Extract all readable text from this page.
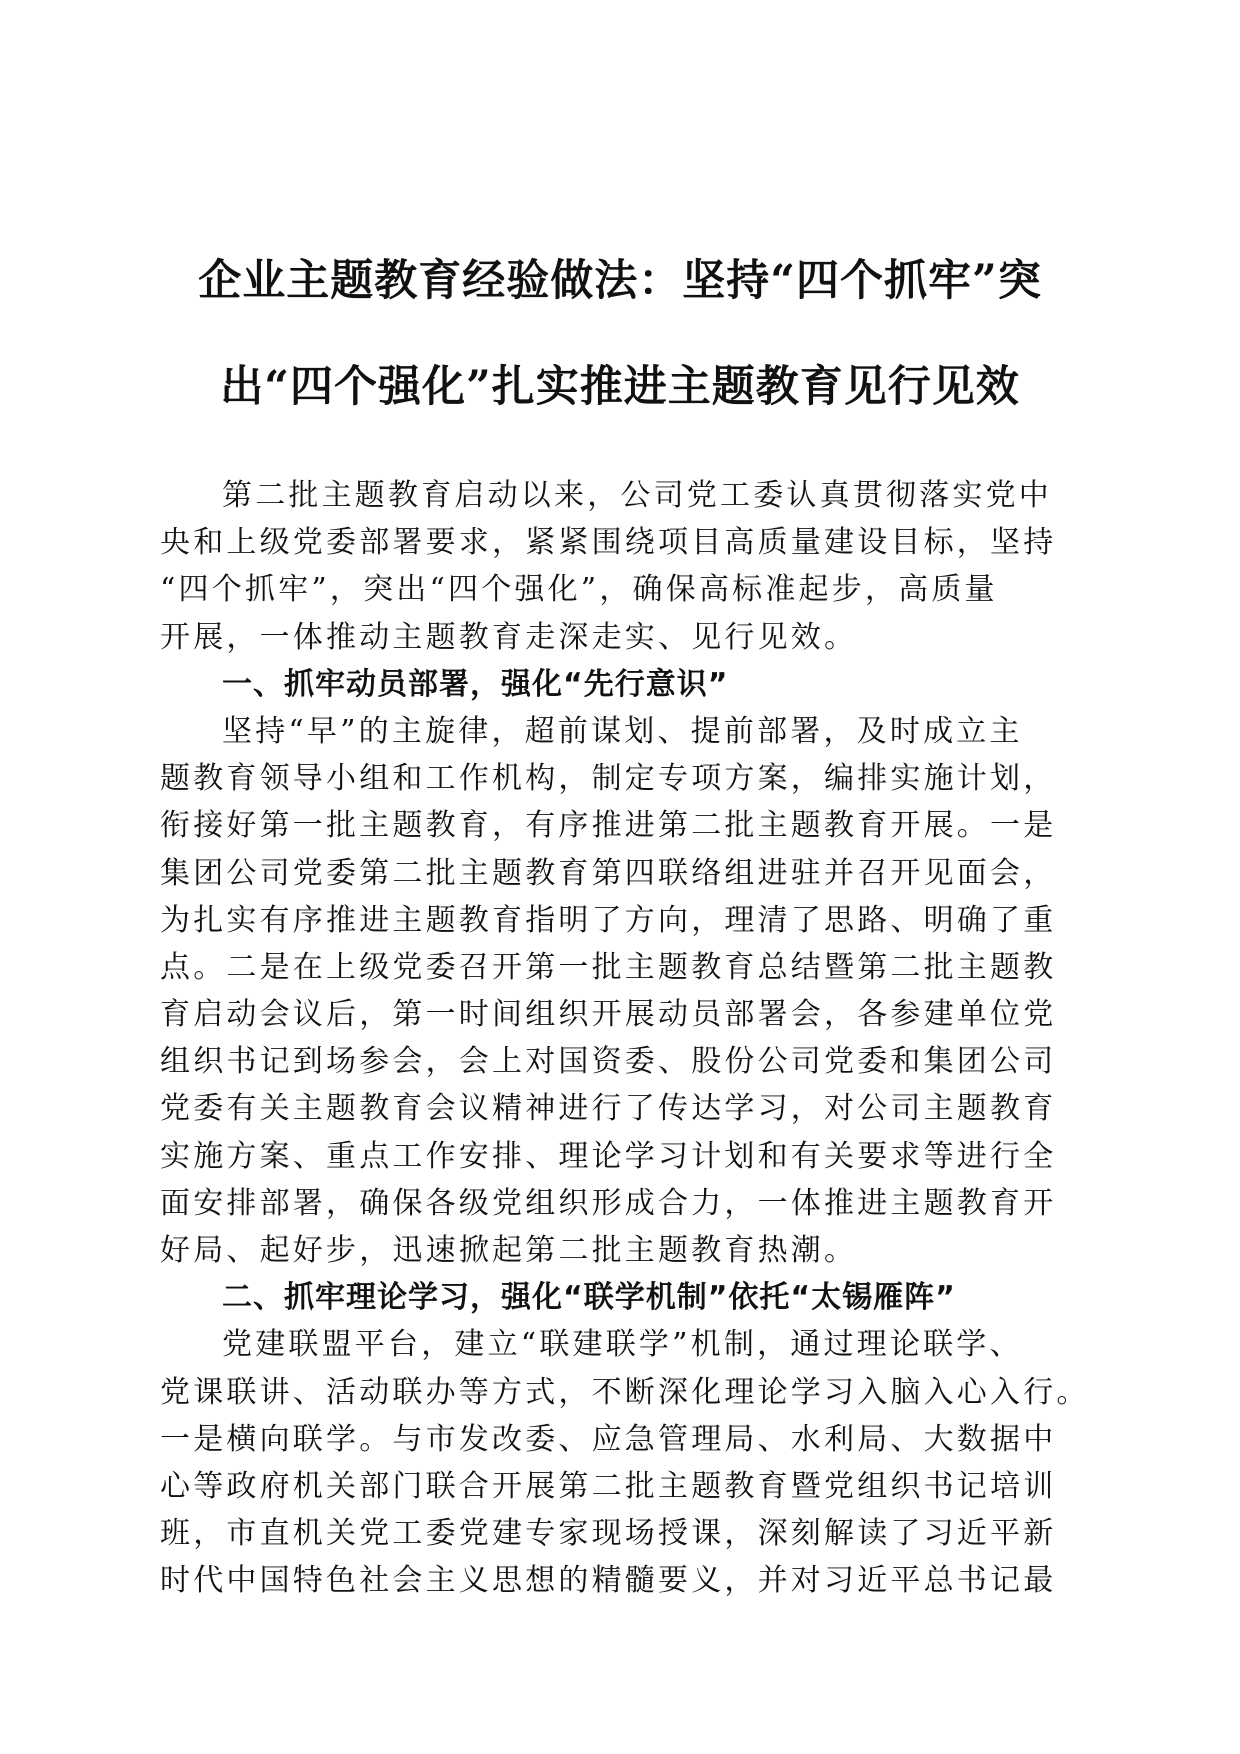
企业主题教育经验做法：坚持“四个抓牢”突
出“四个强化”扎实推进主题教育见行见效
第二批主题教育启动以来，公司党工委认真贯彻落实党中
央和上级党委部署要求，紧紧围绕项目高质量建设目标，坚持
“四个抓牢”，突出“四个强化”，确保高标准起步，高质量
开展，一体推动主题教育走深走实、见行见效。
一、抓牢动员部署，强化“先行意识”
坚持“早”的主旋律，超前谋划、提前部署，及时成立主
题教育领导小组和工作机构，制定专项方案，编排实施计划，
衔接好第一批主题教育，有序推进第二批主题教育开展。一是
集团公司党委第二批主题教育第四联络组进驻并召开见面会，
为扎实有序推进主题教育指明了方向，理清了思路、明确了重
点。二是在上级党委召开第一批主题教育总结暨第二批主题教
育启动会议后，第一时间组织开展动员部署会，各参建单位党
组织书记到场参会，会上对国资委、股份公司党委和集团公司
党委有关主题教育会议精神进行了传达学习，对公司主题教育
实施方案、重点工作安排、理论学习计划和有关要求等进行全
面安排部署，确保各级党组织形成合力，一体推进主题教育开
好局、起好步，迅速掀起第二批主题教育热潮。
二、抓牢理论学习，强化“联学机制”依托“太锡雁阵”
党建联盟平台，建立“联建联学”机制，通过理论联学、
党课联讲、活动联办等方式，不断深化理论学习入脑入心入行。
一是横向联学。与市发改委、应急管理局、水利局、大数据中
心等政府机关部门联合开展第二批主题教育暨党组织书记培训
班，市直机关党工委党建专家现场授课，深刻解读了习近平新
时代中国特色社会主义思想的精髓要义，并对习近平总书记最
